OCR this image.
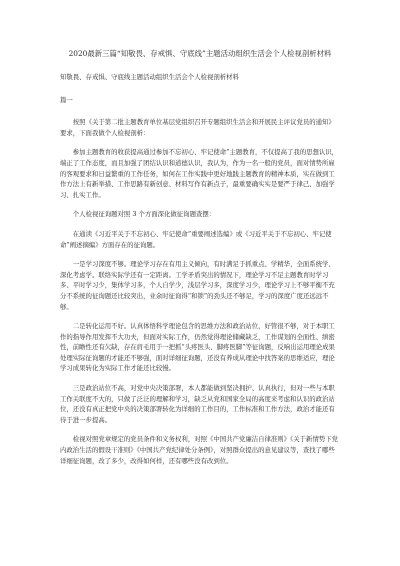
2020最新三篇“知敬畏、存戒惧、守底线”主题活动组织生活会个人检视剖析材料
知敬畏、存戒惧、守底线主题活动组织生活会个人检视剖析材料
篇一

按照《关于第二批主题教育单位基层党组织召开专题组织生活会和开展民主评议党员的通知》要求，下面我做个人检视剖析：

参加主题教育的收获提高通过参加不忘初心、牢记使命”主题教育，不仅提高了我的思想认识，端正了工作态度，而且加强了团结认识和道德认识，我认为，作为一名一般的党员，面对情势所雇的客观要求和日益繁重的工作任务，如何在工作实践中更好地践主题教育的精神本质，实在做到工作方法上有新举措、工作思路有新创意、材料写作有新点子，最重要确实实是要严于律己、加强学习、扎实工作。

个人检视征询题对照 3 个方面深化做征询题查摆：

在通读《习近平关于不忘初心、牢记使命”重要阐述选编》或《习近平关于不忘初心、牢记使命”阐述摘编》方面存在的征询题。

一是学习深度不够。理论学习存在有用主义倾向，有时满足于抓重点、学精华，全面系统学、深化考虑学。联络实际学还有一定距离。工学矛盾突出的情况下，理论学习不足主题教育时学习多、平时学习少，集体学习多，个人自学少，浅层学习多，深度学习少，理论学习上不够平衡不充分不系统的征询题还比较突出，业余时征询得“和锁”的劲头还不够足，学习的深度广度还远远不够。

二是转化运用不好。认真体悟科学理论包含的思维方法和政治站位，好管很不够，对于本职工作的指导作用发挥不大功夫，但面对实际工作，仍然觉得理论储藏缺乏，工作谋划的全面性、缜密性，前瞻性还有欠缺，存在肩毛用于一把抓“头疼医头、脚疼医脚”等征询题，反响出运用理论成果处理实际征询题的才能还不够强，面对详细征询题，还没有养成从理论中找答案的思维适应，理论学习成果转化为实际工作才能还比较慢。

三是政治站位不高，对党中央决策部署，本人都能做到坚决拥护、认真执行，但对一些与本职工作关联度不大的，只做了泛泛的理解和学习，缺乏从党和国家全局的高度来考虑和认识的政治站位，还没有真正把党中央的决策部署转化为详细的工作目的，工作标准和工作方法，政治才能还有待于进一步提高。

检视对照党章规定的党员条件和义务权利，对照《中国共产党廉洁自律准则》《关于新情势下党内政治生活的假设干准则》《中国共产党纪律处分条例》，对照群众提出的意见建议等，查找了哪些详细征询题，改了多少，改得如何样，还有哪些没有改到位。
